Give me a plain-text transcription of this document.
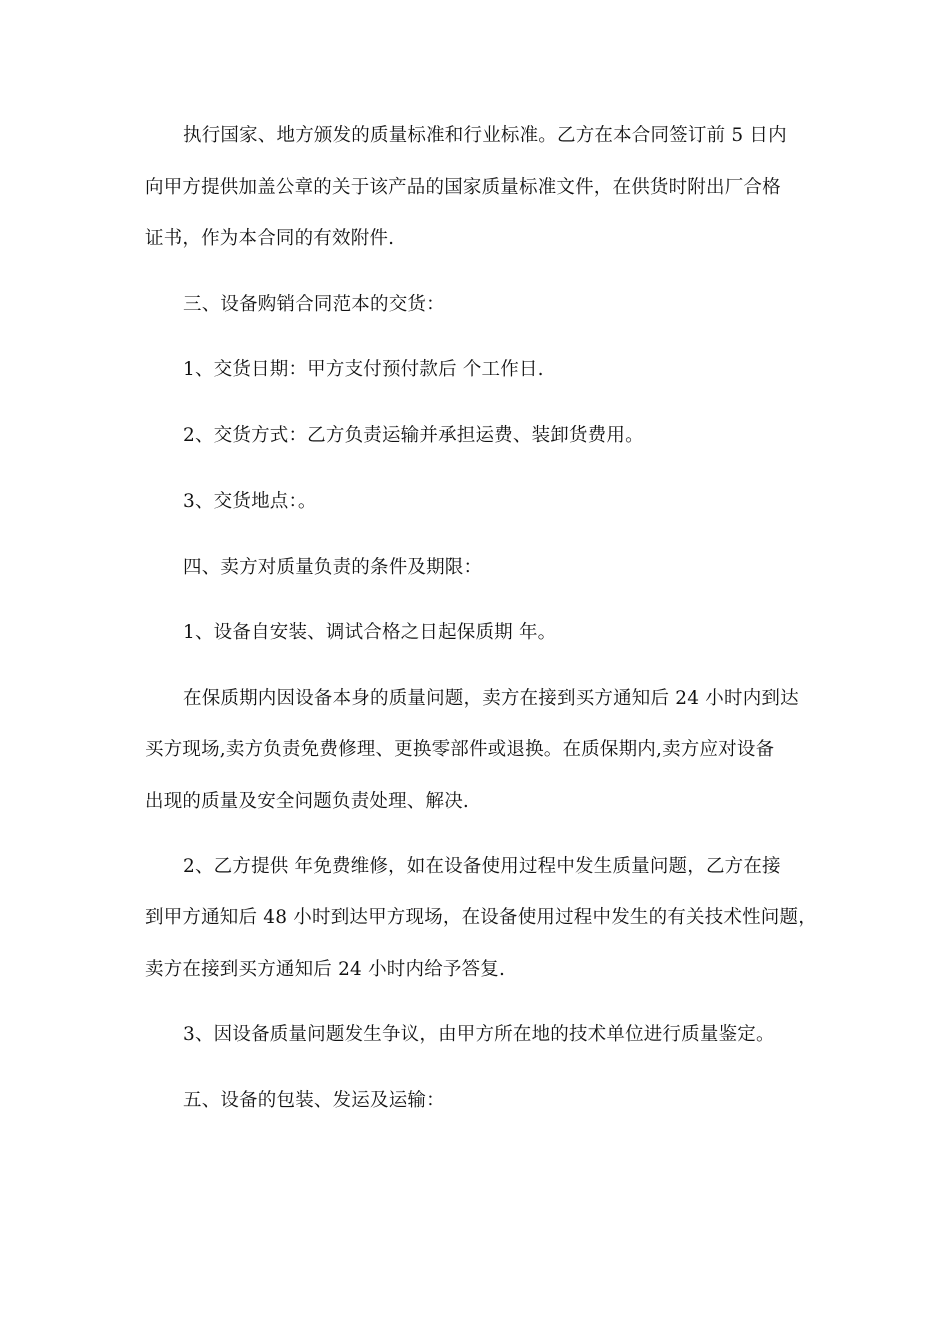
执行国家、地方颁发的质量标准和行业标准。乙方在本合同签订前 5 日内

向甲方提供加盖公章的关于该产品的国家质量标准文件，在供货时附出厂合格

证书，作为本合同的有效附件.

三、设备购销合同范本的交货：

1、交货日期：甲方支付预付款后 个工作日.

2、交货方式：乙方负责运输并承担运费、装卸货费用。

3、交货地点：。

四、卖方对质量负责的条件及期限：

1、设备自安装、调试合格之日起保质期 年。

在保质期内因设备本身的质量问题，卖方在接到买方通知后 24 小时内到达

买方现场,卖方负责免费修理、更换零部件或退换。在质保期内,卖方应对设备

出现的质量及安全问题负责处理、解决.

2、乙方提供 年免费维修，如在设备使用过程中发生质量问题，乙方在接

到甲方通知后 48 小时到达甲方现场，在设备使用过程中发生的有关技术性问题，

卖方在接到买方通知后 24 小时内给予答复.

3、因设备质量问题发生争议，由甲方所在地的技术单位进行质量鉴定。

五、设备的包装、发运及运输：
